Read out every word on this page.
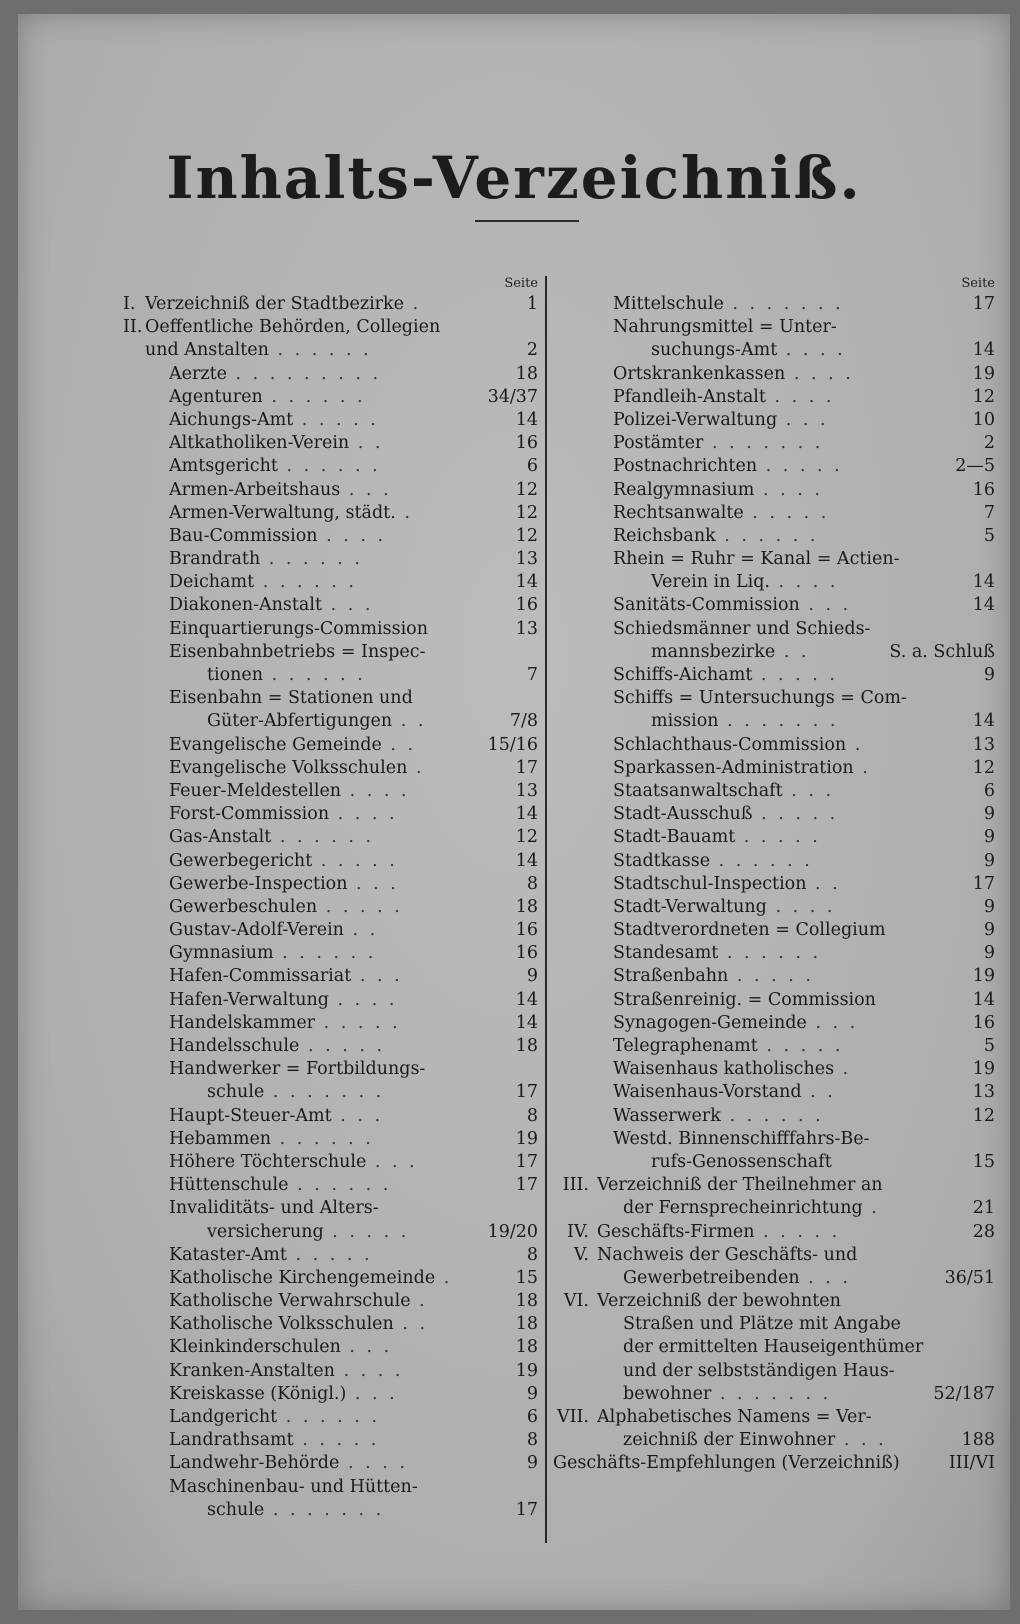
Inhalts-Verzeichniß.
Seite
I. Verzeichniß der Stadtbezirke .	1
II. Oeffentliche Behörden, Collegien
und Anstalten . . . . . .	2
Aerzte . . . . . . . . .	18
Agenturen . . . . . .	34/37
Aichungs-Amt . . . . .	14
Altkatholiken-Verein . .	16
Amtsgericht . . . . . .	6
Armen-Arbeitshaus . . .	12
Armen-Verwaltung, städt. .	12
Bau-Commission . . . .	12
Brandrath . . . . . .	13
Deichamt . . . . . .	14
Diakonen-Anstalt . . .	16
Einquartierungs-Commission	13
Eisenbahnbetriebs = Inspec-
tionen . . . . . .	7
Eisenbahn = Stationen und
Güter-Abfertigungen . .	7/8
Evangelische Gemeinde . .	15/16
Evangelische Volksschulen .	17
Feuer-Meldestellen . . . .	13
Forst-Commission . . . .	14
Gas-Anstalt . . . . . .	12
Gewerbegericht . . . . .	14
Gewerbe-Inspection . . .	8
Gewerbeschulen . . . . .	18
Gustav-Adolf-Verein . .	16
Gymnasium . . . . . .	16
Hafen-Commissariat . . .	9
Hafen-Verwaltung . . . .	14
Handelskammer . . . . .	14
Handelsschule . . . . .	18
Handwerker = Fortbildungs-
schule . . . . . . .	17
Haupt-Steuer-Amt . . .	8
Hebammen . . . . . .	19
Höhere Töchterschule . . .	17
Hüttenschule . . . . . .	17
Invaliditäts- und Alters-
versicherung . . . . .	19/20
Kataster-Amt . . . . .	8
Katholische Kirchengemeinde .	15
Katholische Verwahrschule .	18
Katholische Volksschulen . .	18
Kleinkinderschulen . . .	18
Kranken-Anstalten . . . .	19
Kreiskasse (Königl.) . . .	9
Landgericht . . . . . .	6
Landrathsamt . . . . .	8
Landwehr-Behörde . . . .	9
Maschinenbau- und Hütten-
schule . . . . . . .	17
Seite
Mittelschule . . . . . . .	17
Nahrungsmittel = Unter-
suchungs-Amt . . . .	14
Ortskrankenkassen . . . .	19
Pfandleih-Anstalt . . . .	12
Polizei-Verwaltung . . .	10
Postämter . . . . . . .	2
Postnachrichten . . . . .	2—5
Realgymnasium . . . .	16
Rechtsanwalte . . . . .	7
Reichsbank . . . . . .	5
Rhein = Ruhr = Kanal = Actien-
Verein in Liq. . . . .	14
Sanitäts-Commission . . .	14
Schiedsmänner und Schieds-
mannsbezirke . .	S. a. Schluß
Schiffs-Aichamt . . . . .	9
Schiffs = Untersuchungs = Com-
mission . . . . . . .	14
Schlachthaus-Commission .	13
Sparkassen-Administration .	12
Staatsanwaltschaft . . .	6
Stadt-Ausschuß . . . . .	9
Stadt-Bauamt . . . . .	9
Stadtkasse . . . . . .	9
Stadtschul-Inspection . .	17
Stadt-Verwaltung . . . .	9
Stadtverordneten = Collegium	9
Standesamt . . . . . .	9
Straßenbahn . . . . .	19
Straßenreinig. = Commission	14
Synagogen-Gemeinde . . .	16
Telegraphenamt . . . . .	5
Waisenhaus katholisches .	19
Waisenhaus-Vorstand . .	13
Wasserwerk . . . . . .	12
Westd. Binnenschifffahrs-Be-
rufs-Genossenschaft	15
III. Verzeichniß der Theilnehmer an
der Fernsprecheinrichtung .	21
IV. Geschäfts-Firmen . . . . .	28
V. Nachweis der Geschäfts- und
Gewerbetreibenden . . .	36/51
VI. Verzeichniß der bewohnten
Straßen und Plätze mit Angabe
der ermittelten Hauseigenthümer
und der selbstständigen Haus-
bewohner . . . . . . .	52/187
VII. Alphabetisches Namens = Ver-
zeichniß der Einwohner . . .	188
Geschäfts-Empfehlungen (Verzeichniß)	III/VI
